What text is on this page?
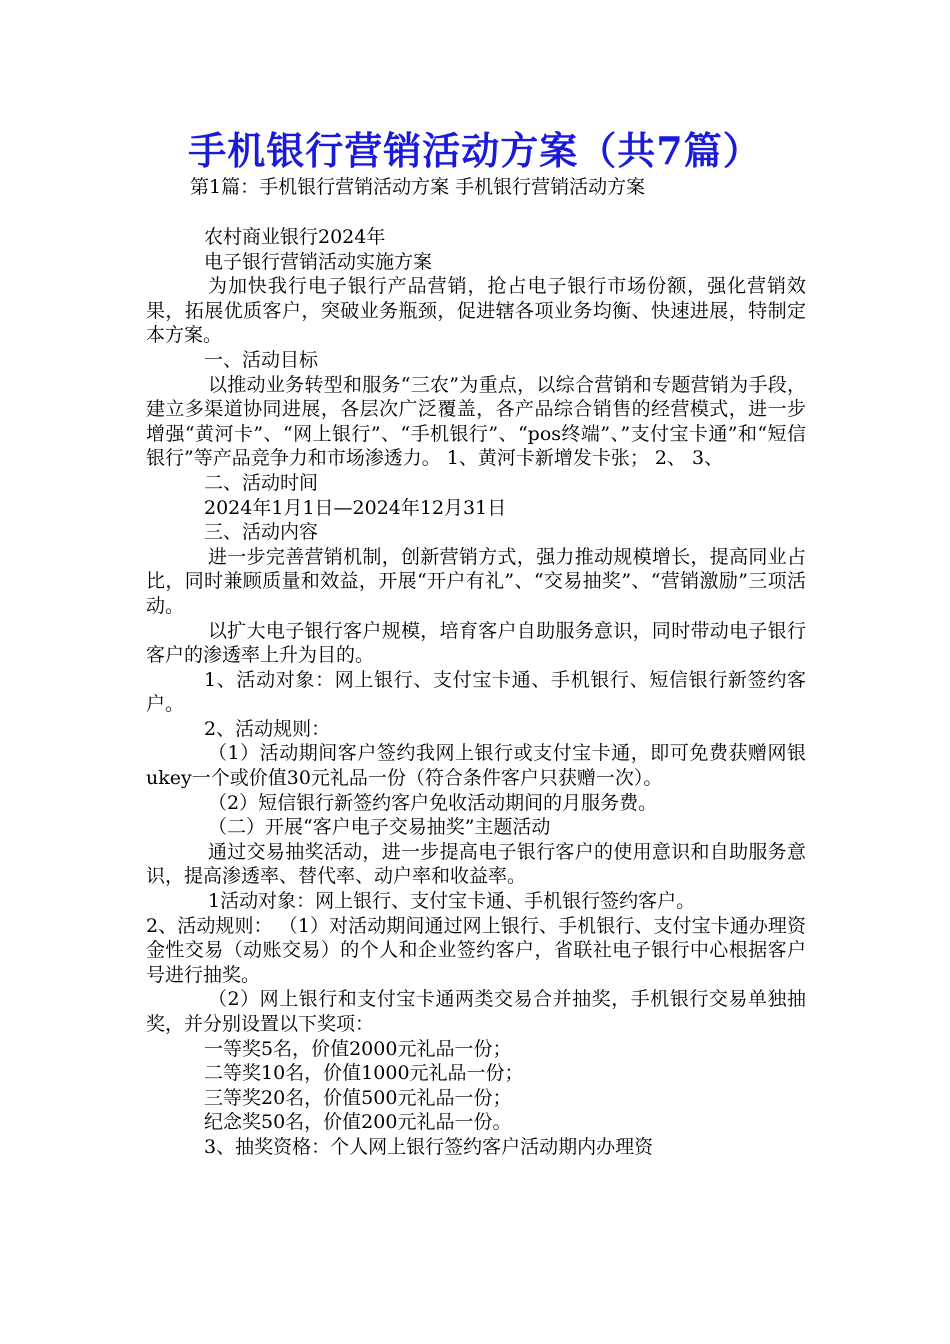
手机银行营销活动方案（共7篇）

第1篇：手机银行营销活动方案 手机银行营销活动方案

农村商业银行2024年

电子银行营销活动实施方案

为加快我行电子银行产品营销，抢占电子银行市场份额，强化营销效果，拓展优质客户，突破业务瓶颈，促进辖各项业务均衡、快速进展，特制定本方案。

一、活动目标

以推动业务转型和服务“三农”为重点，以综合营销和专题营销为手段，建立多渠道协同进展，各层次广泛覆盖，各产品综合销售的经营模式，进一步增强“黄河卡”、“网上银行”、“手机银行”、“pos终端”、”支付宝卡通”和“短信银行”等产品竞争力和市场渗透力。 1、黄河卡新增发卡张； 2、 3、

二、活动时间

2024年1月1日—2024年12月31日

三、活动内容

进一步完善营销机制，创新营销方式，强力推动规模增长，提高同业占比，同时兼顾质量和效益，开展“开户有礼”、“交易抽奖”、“营销激励”三项活动。

以扩大电子银行客户规模，培育客户自助服务意识，同时带动电子银行客户的渗透率上升为目的。

1、活动对象：网上银行、支付宝卡通、手机银行、短信银行新签约客户。

2、活动规则：

（1）活动期间客户签约我网上银行或支付宝卡通，即可免费获赠网银ukey一个或价值30元礼品一份（符合条件客户只获赠一次）。

（2）短信银行新签约客户免收活动期间的月服务费。

（二）开展“客户电子交易抽奖”主题活动

通过交易抽奖活动，进一步提高电子银行客户的使用意识和自助服务意识，提高渗透率、替代率、动户率和收益率。

1活动对象：网上银行、支付宝卡通、手机银行签约客户。

2、活动规则： （1）对活动期间通过网上银行、手机银行、支付宝卡通办理资金性交易（动账交易）的个人和企业签约客户，省联社电子银行中心根据客户号进行抽奖。

（2）网上银行和支付宝卡通两类交易合并抽奖，手机银行交易单独抽奖，并分别设置以下奖项：

一等奖5名，价值2000元礼品一份；

二等奖10名，价值1000元礼品一份；

三等奖20名，价值500元礼品一份；

纪念奖50名，价值200元礼品一份。

3、抽奖资格：个人网上银行签约客户活动期内办理资
